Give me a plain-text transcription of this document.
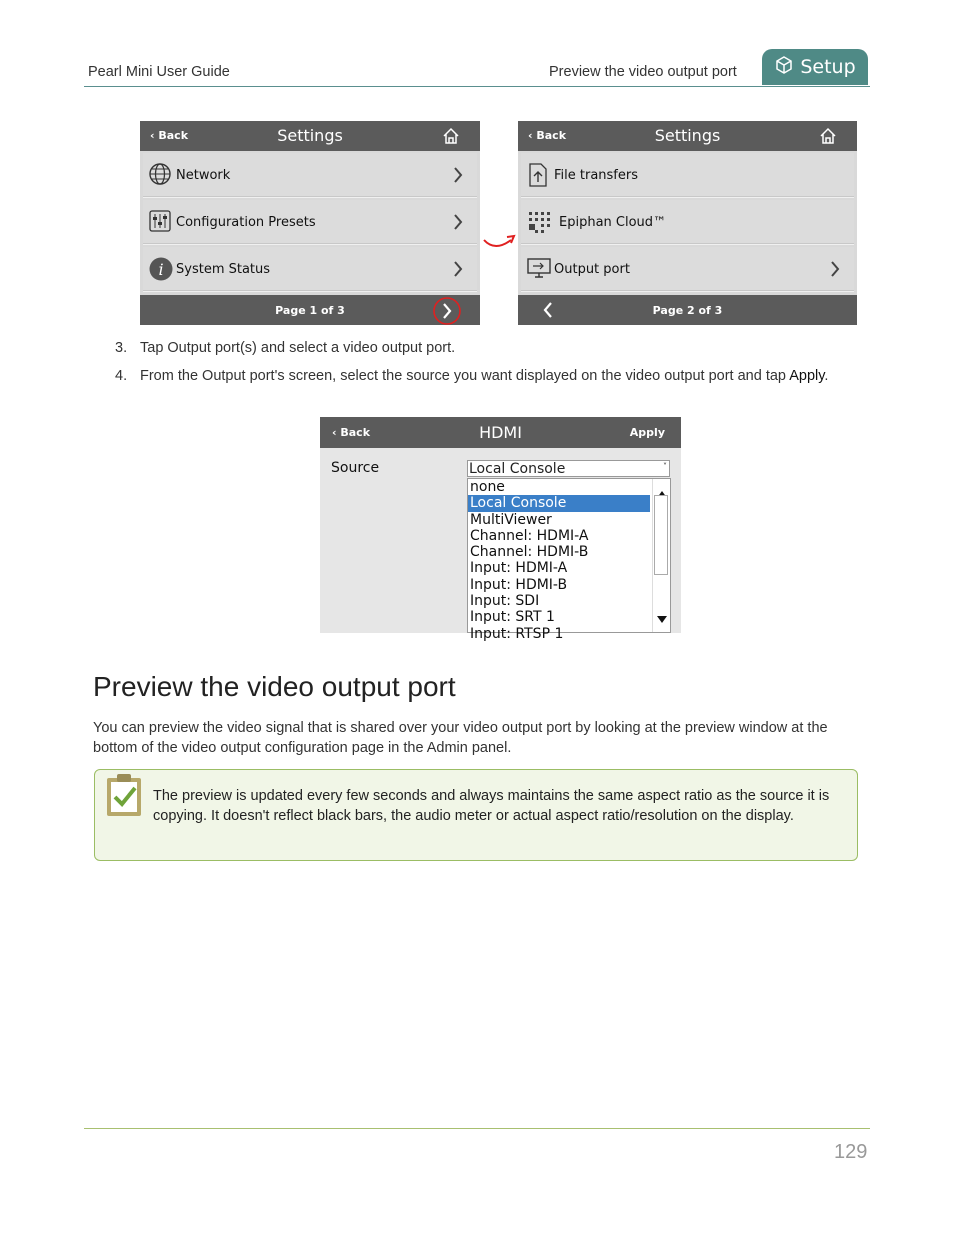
Pearl Mini User Guide	Preview the video output port	Setup
‹ Back	Settings
Network
Configuration Presets
i System Status
Page 1 of 3
‹ Back	Settings
File transfers
Epiphan Cloud™
Output port
Page 2 of 3
3. Tap Output port(s) and select a video output port.
4. From the Output port's screen, select the source you want displayed on the video output port and tap Apply.
‹ Back	HDMI	Apply
Source	Local Console	˅
none
Local Console
MultiViewer
Channel: HDMI-A
Channel: HDMI-B
Input: HDMI-A
Input: HDMI-B
Input: SDI
Input: SRT 1
Input: RTSP 1
Preview the video output port
You can preview the video signal that is shared over your video output port by looking at the preview window at the bottom of the video output configuration page in the Admin panel.
The preview is updated every few seconds and always maintains the same aspect ratio as the source it is copying. It doesn't reflect black bars, the audio meter or actual aspect ratio/resolution on the display.
129
